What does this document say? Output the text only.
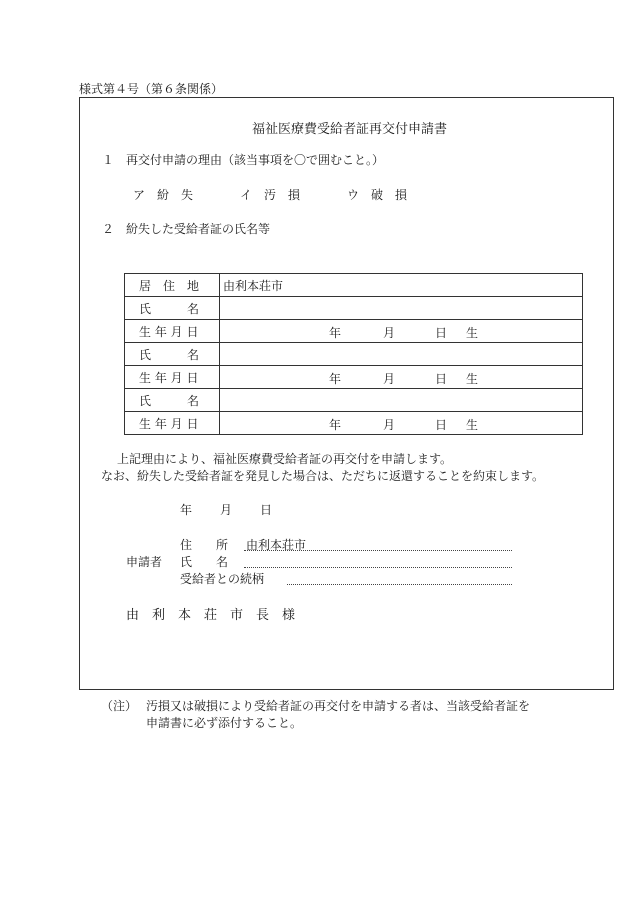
様式第４号（第６条関係）
福祉医療費受給者証再交付申請書
１ 再交付申請の理由（該当事項を〇で囲むこと。）
ア　紛　失	イ　汚　損	ウ　破　損
２ 紛失した受給者証の氏名等
居　住　地	由利本荘市

氏　　　名	

生 年 月 日	年 月 日 生

氏　　　名	

生 年 月 日	年 月 日 生

氏　　　名	

生 年 月 日	年 月 日 生
上記理由により、福祉医療費受給者証の再交付を申請します。
なお、紛失した受給者証を発見した場合は、ただちに返還することを約束します。
年 月 日
住　　所 由利本荘市
申請者 氏　　名
受給者との続柄
由　利　本　荘　市　長　様
（注） 汚損又は破損により受給者証の再交付を申請する者は、当該受給者証を
申請書に必ず添付すること。
